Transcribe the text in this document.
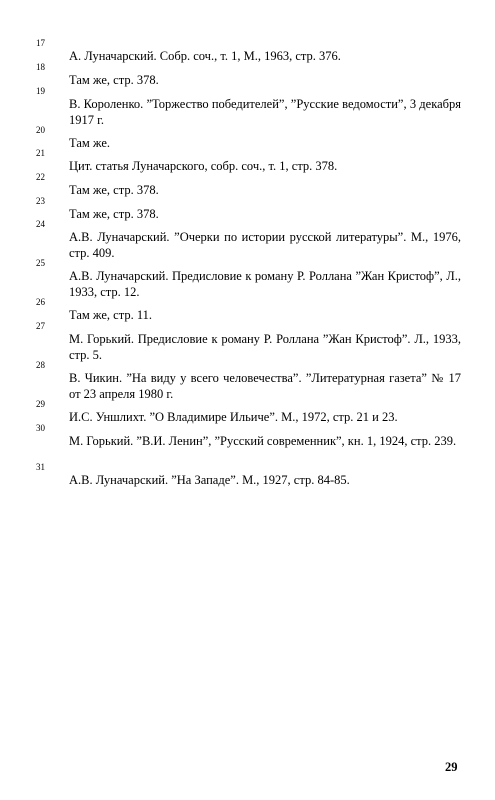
17
А. Луначарский. Собр. соч., т. 1, М., 1963, стр. 376.
18
Там же, стр. 378.
19
В. Короленко. ”Торжество победителей”, ”Русские ведомости”, 3 декабря 1917 г.
20
Там же.
21
Цит. статья Луначарского, собр. соч., т. 1, стр. 378.
22
Там же, стр. 378.
23
Там же, стр. 378.
24
А.В. Луначарский. ”Очерки по истории русской литературы”. М., 1976, стр. 409.
25
А.В. Луначарский. Предисловие к роману Р. Роллана ”Жан Кристоф”, Л., 1933, стр. 12.
26
Там же, стр. 11.
27
М. Горький. Предисловие к роману Р. Роллана ”Жан Кристоф”. Л., 1933, стр. 5.
28
В. Чикин. ”На виду у всего человечества”. ”Литературная газета” № 17 от 23 апреля 1980 г.
29
И.С. Уншлихт. ”О Владимире Ильиче”. М., 1972, стр. 21 и 23.
30
М. Горький. ”В.И. Ленин”, ”Русский современник”, кн. 1, 1924, стр. 239.
31
А.В. Луначарский. ”На Западе”. М., 1927, стр. 84-85.
29
